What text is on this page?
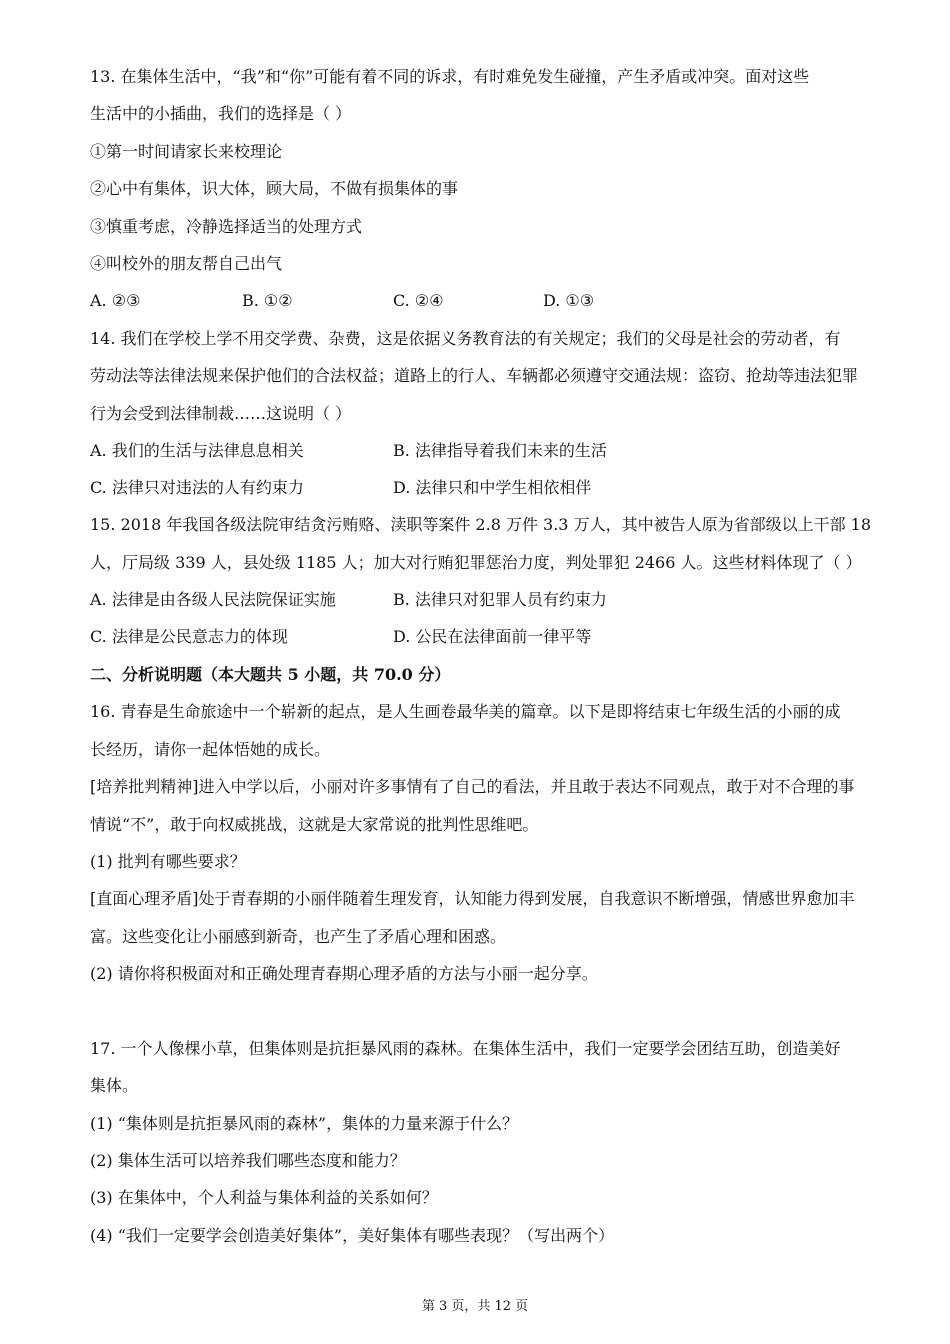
13. 在集体生活中，“我”和“你”可能有着不同的诉求，有时难免发生碰撞，产生矛盾或冲突。面对这些
生活中的小插曲，我们的选择是（ ）
①第一时间请家长来校理论
②心中有集体，识大体，顾大局，不做有损集体的事
③慎重考虑，冷静选择适当的处理方式
④叫校外的朋友帮自己出气
A. ②③	B. ①②	C. ②④	D. ①③
14. 我们在学校上学不用交学费、杂费，这是依据义务教育法的有关规定；我们的父母是社会的劳动者，有
劳动法等法律法规来保护他们的合法权益；道路上的行人、车辆都必须遵守交通法规：盗窃、抢劫等违法犯罪
行为会受到法律制裁……这说明（ ）
A. 我们的生活与法律息息相关	B. 法律指导着我们未来的生活
C. 法律只对违法的人有约束力	D. 法律只和中学生相依相伴
15. 2018 年我国各级法院审结贪污贿赂、渎职等案件 2.8 万件 3.3 万人，其中被告人原为省部级以上干部 18
人，厅局级 339 人，县处级 1185 人；加大对行贿犯罪惩治力度，判处罪犯 2466 人。这些材料体现了（ ）
A. 法律是由各级人民法院保证实施	B. 法律只对犯罪人员有约束力
C. 法律是公民意志力的体现	D. 公民在法律面前一律平等
二、分析说明题（本大题共 5 小题，共 70.0 分）
16. 青春是生命旅途中一个崭新的起点，是人生画卷最华美的篇章。以下是即将结束七年级生活的小丽的成
长经历，请你一起体悟她的成长。
[培养批判精神]进入中学以后，小丽对许多事情有了自己的看法，并且敢于表达不同观点，敢于对不合理的事
情说“不”，敢于向权威挑战，这就是大家常说的批判性思维吧。
(1) 批判有哪些要求？
[直面心理矛盾]处于青春期的小丽伴随着生理发育，认知能力得到发展，自我意识不断增强，情感世界愈加丰
富。这些变化让小丽感到新奇，也产生了矛盾心理和困惑。
(2) 请你将积极面对和正确处理青春期心理矛盾的方法与小丽一起分享。
17. 一个人像棵小草，但集体则是抗拒暴风雨的森林。在集体生活中，我们一定要学会团结互助，创造美好
集体。
(1) “集体则是抗拒暴风雨的森林”，集体的力量来源于什么？
(2) 集体生活可以培养我们哪些态度和能力？
(3) 在集体中，个人利益与集体利益的关系如何？
(4) “我们一定要学会创造美好集体”，美好集体有哪些表现？（写出两个）
第 3 页，共 12 页
